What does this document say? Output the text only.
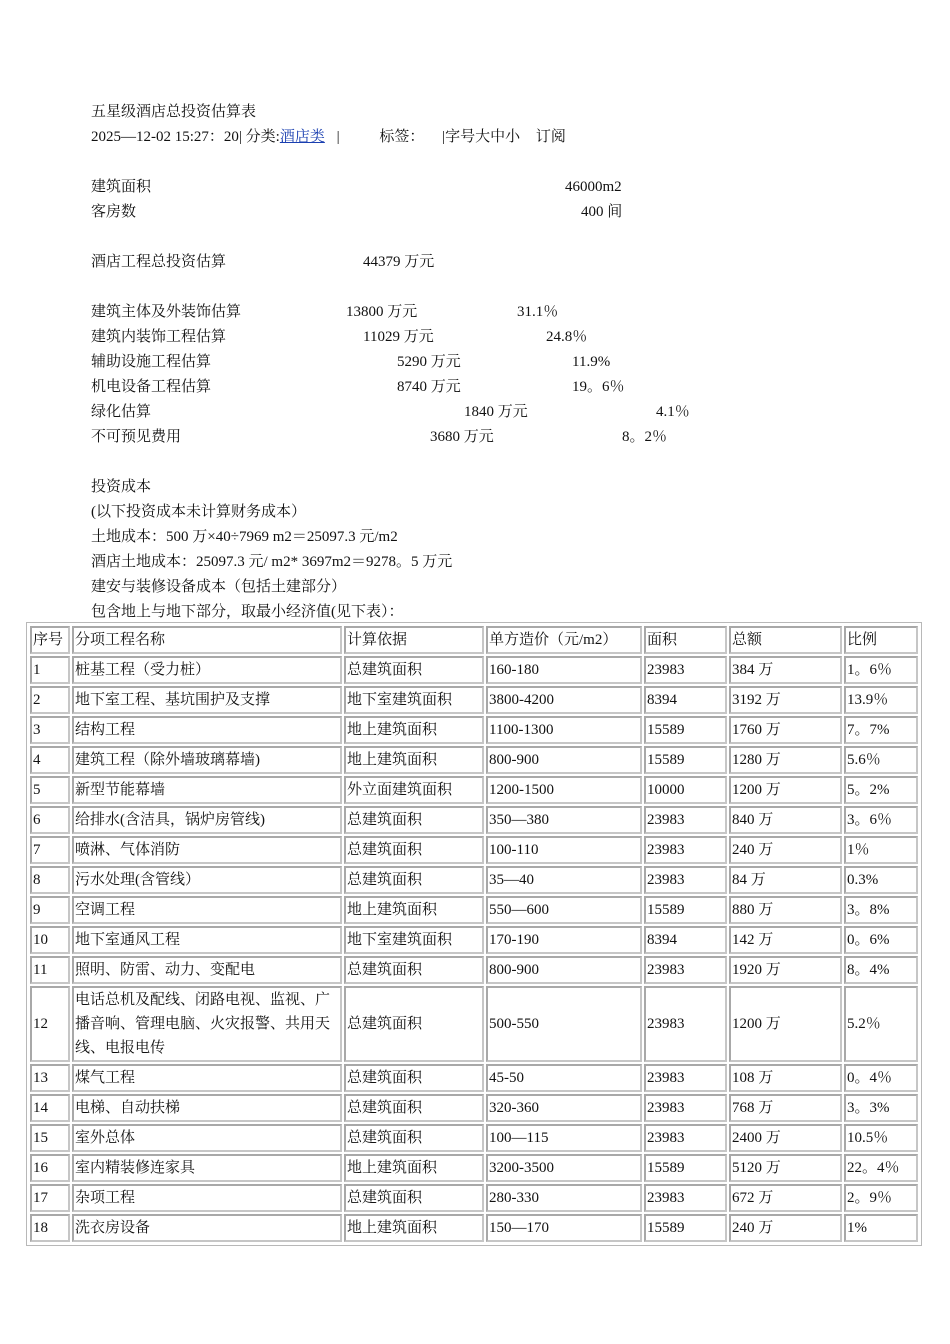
五星级酒店总投资估算表
2025—12-02 15:27：20| 分类:酒店类 |	标签： |字号大中小 订阅
建筑面积	46000m2
客房数	400 间
酒店工程总投资估算	44379 万元
建筑主体及外装饰估算	13800 万元	31.1％
建筑内装饰工程估算	11029 万元	24.8％
辅助设施工程估算	5290 万元	11.9%
机电设备工程估算	8740 万元	19。6％
绿化估算	1840 万元	4.1％
不可预见费用	3680 万元	8。2％
投资成本
(以下投资成本未计算财务成本）
土地成本：500 万×40÷7969 m2＝25097.3 元/m2
酒店土地成本：25097.3 元/ m2* 3697m2＝9278。5 万元
建安与装修设备成本（包括土建部分）
包含地上与地下部分，取最小经济值(见下表）：
序号	分项工程名称	计算依据	单方造价（元/m2）	面积	总额	比例
1	桩基工程（受力桩）	总建筑面积	160-180	23983	384 万	1。6％
2	地下室工程、基坑围护及支撑	地下室建筑面积	3800-4200	8394	3192 万	13.9％
3	结构工程	地上建筑面积	1100-1300	15589	1760 万	7。7%
4	建筑工程（除外墙玻璃幕墙)	地上建筑面积	800-900	15589	1280 万	5.6％
5	新型节能幕墙	外立面建筑面积	1200-1500	10000	1200 万	5。2%
6	给排水(含洁具，锅炉房管线)	总建筑面积	350—380	23983	840 万	3。6％
7	喷淋、气体消防	总建筑面积	100-110	23983	240 万	1％
8	污水处理(含管线）	总建筑面积	35—40	23983	84 万	0.3%
9	空调工程	地上建筑面积	550—600	15589	880 万	3。8%
10	地下室通风工程	地下室建筑面积	170-190	8394	142 万	0。6%
11	照明、防雷、动力、变配电	总建筑面积	800-900	23983	1920 万	8。4%
12	电话总机及配线、闭路电视、监视、广播音响、管理电脑、火灾报警、共用天线、电报电传	总建筑面积	500-550	23983	1200 万	5.2％
13	煤气工程	总建筑面积	45-50	23983	108 万	0。4％
14	电梯、自动扶梯	总建筑面积	320-360	23983	768 万	3。3%
15	室外总体	总建筑面积	100—115	23983	2400 万	10.5％
16	室内精装修连家具	地上建筑面积	3200-3500	15589	5120 万	22。4％
17	杂项工程	总建筑面积	280-330	23983	672 万	2。9％
18	洗衣房设备	地上建筑面积	150—170	15589	240 万	1%
